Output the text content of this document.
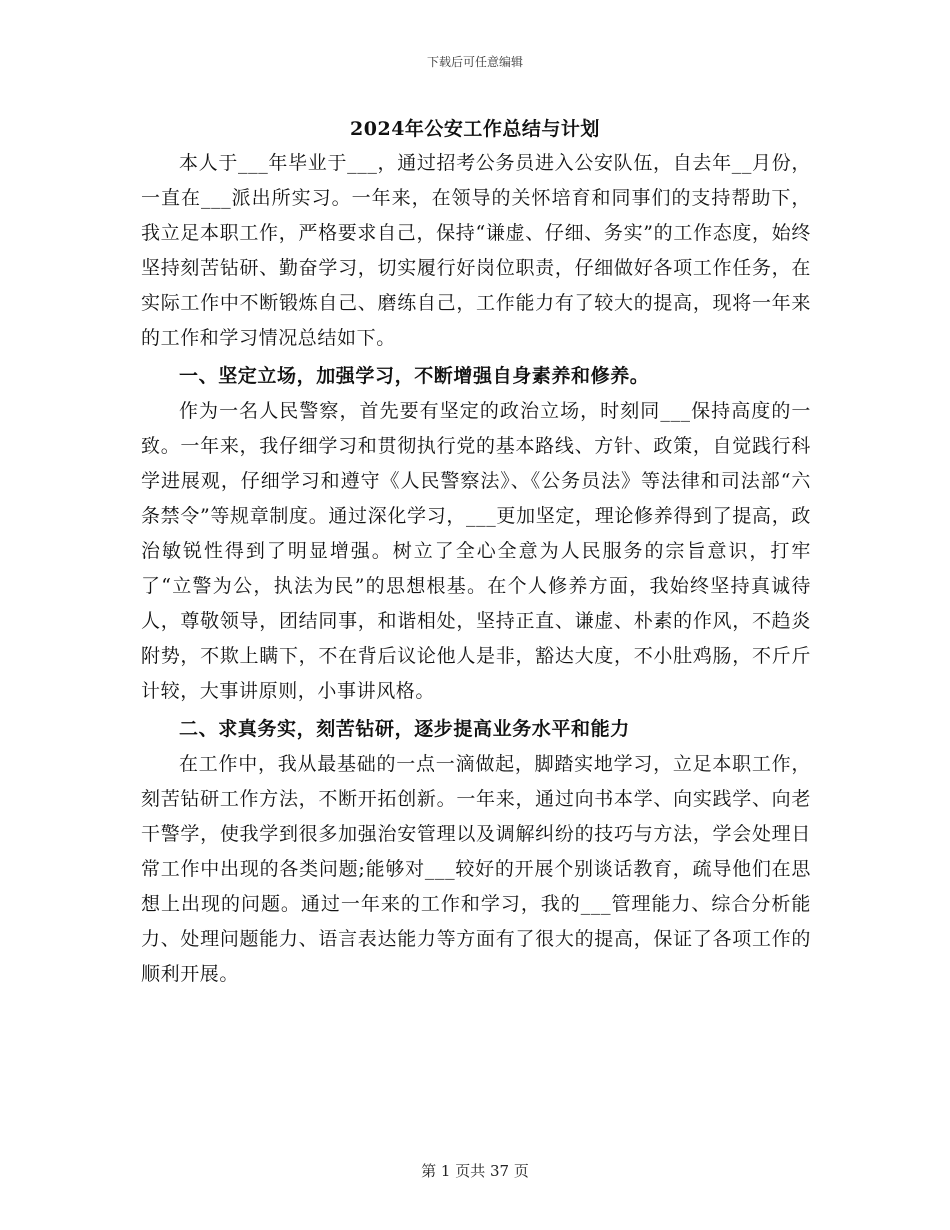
下载后可任意编辑
2024年公安工作总结与计划

本人于___年毕业于___，通过招考公务员进入公安队伍，自去年__月份，一直在___派出所实习。一年来，在领导的关怀培育和同事们的支持帮助下，我立足本职工作，严格要求自己，保持“谦虚、仔细、务实”的工作态度，始终坚持刻苦钻研、勤奋学习，切实履行好岗位职责，仔细做好各项工作任务，在实际工作中不断锻炼自己、磨练自己，工作能力有了较大的提高，现将一年来的工作和学习情况总结如下。

一、坚定立场，加强学习，不断增强自身素养和修养。

作为一名人民警察，首先要有坚定的政治立场，时刻同___保持高度的一致。一年来，我仔细学习和贯彻执行党的基本路线、方针、政策，自觉践行科学进展观，仔细学习和遵守《人民警察法》、《公务员法》等法律和司法部“六条禁令”等规章制度。通过深化学习，___更加坚定，理论修养得到了提高，政治敏锐性得到了明显增强。树立了全心全意为人民服务的宗旨意识，打牢了“立警为公，执法为民”的思想根基。在个人修养方面，我始终坚持真诚待人，尊敬领导，团结同事，和谐相处，坚持正直、谦虚、朴素的作风，不趋炎附势，不欺上瞒下，不在背后议论他人是非，豁达大度，不小肚鸡肠，不斤斤计较，大事讲原则，小事讲风格。

二、求真务实，刻苦钻研，逐步提高业务水平和能力

在工作中，我从最基础的一点一滴做起，脚踏实地学习，立足本职工作，刻苦钻研工作方法，不断开拓创新。一年来，通过向书本学、向实践学、向老干警学，使我学到很多加强治安管理以及调解纠纷的技巧与方法，学会处理日常工作中出现的各类问题;能够对___较好的开展个别谈话教育，疏导他们在思想上出现的问题。通过一年来的工作和学习，我的___管理能力、综合分析能力、处理问题能力、语言表达能力等方面有了很大的提高，保证了各项工作的顺利开展。

第 1 页共 37 页
